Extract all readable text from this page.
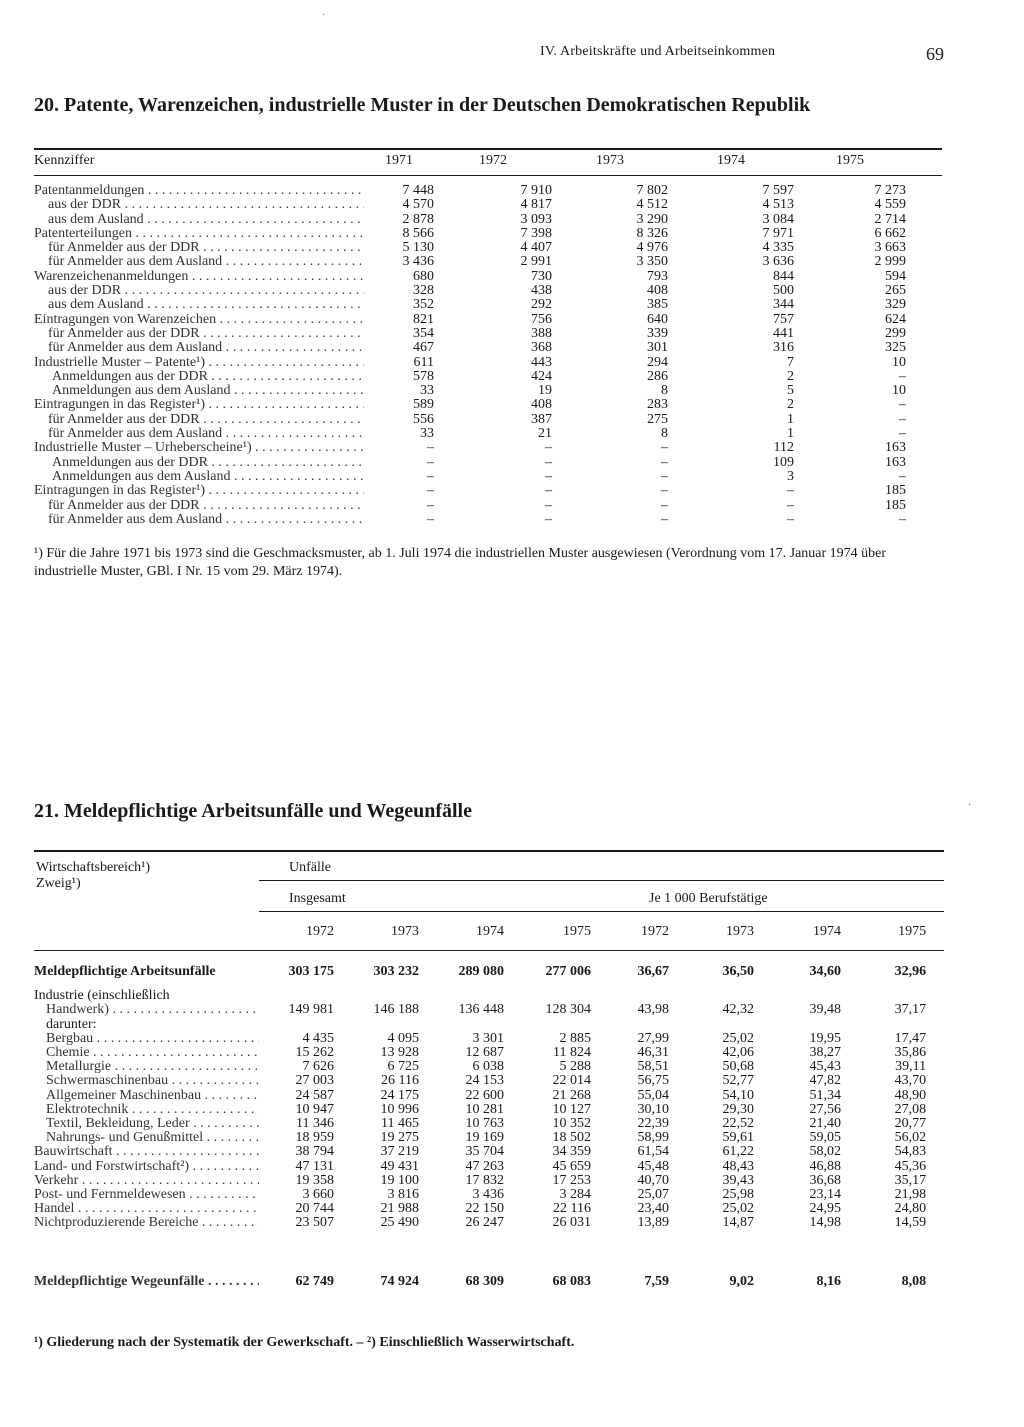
IV. Arbeitskräfte und Arbeitseinkommen	69
20. Patente, Warenzeichen, industrielle Muster in der Deutschen Demokratischen Republik
Kennziffer	1971	1972	1973	1974	1975	
Patentanmeldungen . . .	7 448	7 910	7 802	7 597	7 273	
aus der DDR . . .	4 570	4 817	4 512	4 513	4 559	
aus dem Ausland . . .	2 878	3 093	3 290	3 084	2 714	
Patenterteilungen . . .	8 566	7 398	8 326	7 971	6 662	
für Anmelder aus der DDR . . .	5 130	4 407	4 976	4 335	3 663	
für Anmelder aus dem Ausland . . .	3 436	2 991	3 350	3 636	2 999	
Warenzeichenanmeldungen . . .	680	730	793	844	594	
aus der DDR . . .	328	438	408	500	265	
aus dem Ausland . . .	352	292	385	344	329	
Eintragungen von Warenzeichen . . .	821	756	640	757	624	
für Anmelder aus der DDR . . .	354	388	339	441	299	
für Anmelder aus dem Ausland . . .	467	368	301	316	325	
Industrielle Muster – Patente¹) . . .	611	443	294	7	10	
Anmeldungen aus der DDR . . .	578	424	286	2	–	
Anmeldungen aus dem Ausland . . .	33	19	8	5	10	
Eintragungen in das Register¹) . . .	589	408	283	2	–	
für Anmelder aus der DDR . . .	556	387	275	1	–	
für Anmelder aus dem Ausland . . .	33	21	8	1	–	
Industrielle Muster – Urheberscheine¹) . . .	–	–	–	112	163	
Anmeldungen aus der DDR . . .	–	–	–	109	163	
Anmeldungen aus dem Ausland . . .	–	–	–	3	–	
Eintragungen in das Register¹) . . .	–	–	–	–	185	
für Anmelder aus der DDR . . .	–	–	–	–	185	
für Anmelder aus dem Ausland . . .	–	–	–	–	–	
¹) Für die Jahre 1971 bis 1973 sind die Geschmacksmuster, ab 1. Juli 1974 die industriellen Muster ausgewiesen (Verordnung vom 17. Januar 1974 über industrielle Muster, GBl. I Nr. 15 vom 29. März 1974).
21. Meldepflichtige Arbeitsunfälle und Wegeunfälle
Wirtschaftsbereich¹)
Zweig¹)	Unfälle							
	Insgesamt				Je 1 000 Berufstätige			
	1972	1973	1974	1975	1972	1973	1974	1975

Meldepflichtige Arbeitsunfälle	303 175	303 232	289 080	277 006	36,67	36,50	34,60	32,96

Industrie (einschließlich								
Handwerk) . . .	149 981	146 188	136 448	128 304	43,98	42,32	39,48	37,17
darunter:								
Bergbau . . .	4 435	4 095	3 301	2 885	27,99	25,02	19,95	17,47
Chemie . . .	15 262	13 928	12 687	11 824	46,31	42,06	38,27	35,86
Metallurgie . . .	7 626	6 725	6 038	5 288	58,51	50,68	45,43	39,11
Schwermaschinenbau . . .	27 003	26 116	24 153	22 014	56,75	52,77	47,82	43,70
Allgemeiner Maschinenbau . . .	24 587	24 175	22 600	21 268	55,04	54,10	51,34	48,90
Elektrotechnik . . .	10 947	10 996	10 281	10 127	30,10	29,30	27,56	27,08
Textil, Bekleidung, Leder . . .	11 346	11 465	10 763	10 352	22,39	22,52	21,40	20,77
Nahrungs- und Genußmittel . . .	18 959	19 275	19 169	18 502	58,99	59,61	59,05	56,02
Bauwirtschaft . . .	38 794	37 219	35 704	34 359	61,54	61,22	58,02	54,83
Land- und Forstwirtschaft²) . . .	47 131	49 431	47 263	45 659	45,48	48,43	46,88	45,36
Verkehr . . .	19 358	19 100	17 832	17 253	40,70	39,43	36,68	35,17
Post- und Fernmeldewesen . . .	3 660	3 816	3 436	3 284	25,07	25,98	23,14	21,98
Handel . . .	20 744	21 988	22 150	22 116	23,40	25,02	24,95	24,80
Nichtproduzierende Bereiche . . .	23 507	25 490	26 247	26 031	13,89	14,87	14,98	14,59

Meldepflichtige Wegeunfälle . . .	62 749	74 924	68 309	68 083	7,59	9,02	8,16	8,08
¹) Gliederung nach der Systematik der Gewerkschaft. – ²) Einschließlich Wasserwirtschaft.
·
·
